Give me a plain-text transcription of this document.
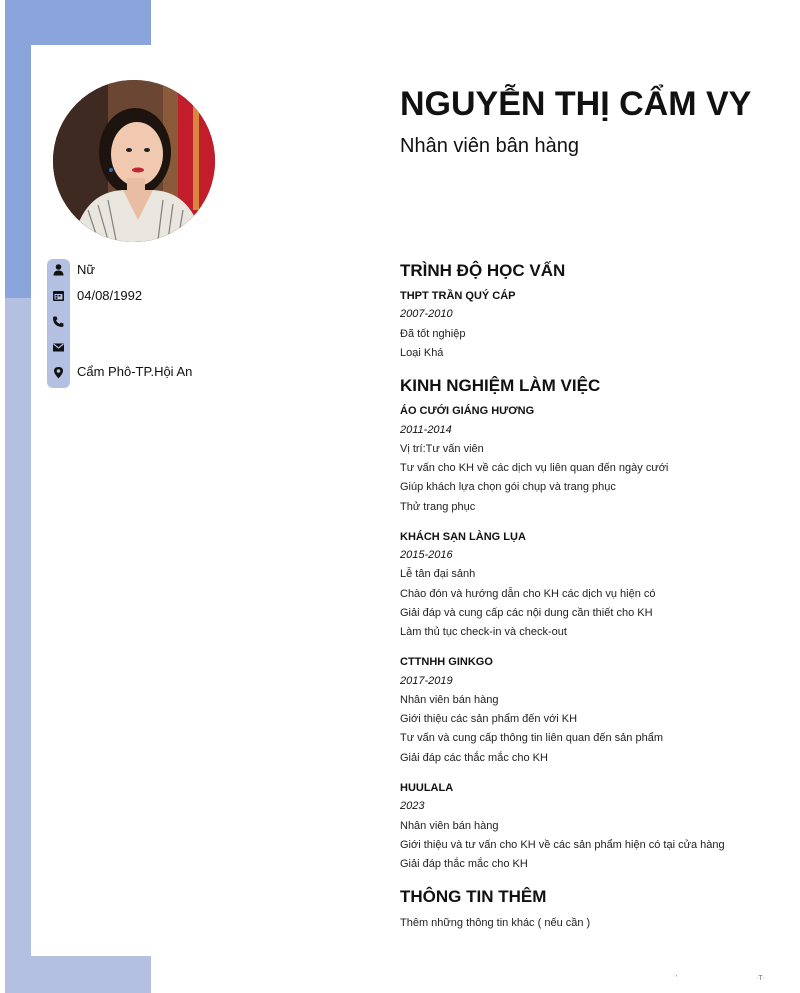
Nữ
04/08/1992
Cẩm Phô-TP.Hội An
NGUYỄN THỊ CẨM VY
Nhân viên bân hàng
TRÌNH ĐỘ HỌC VẤN
THPT TRẦN QUÝ CÁP
2007-2010
Đã tốt nghiệp
Loại Khá
KINH NGHIỆM LÀM VIỆC
ÁO CƯỚI GIÁNG HƯƠNG
2011-2014
Vị trí:Tư vấn viên
Tư vấn cho KH về các dịch vụ liên quan đến ngày cưới
Giúp khách lựa chọn gói chụp và trang phục
Thử trang phục
KHÁCH SẠN LÀNG LỤA
2015-2016
Lễ tân đại sảnh
Chào đón và hướng dẫn cho KH các dịch vụ hiện có
Giải đáp và cung cấp các nội dung cần thiết cho KH
Làm thủ tục check-in và check-out
CTTNHH GINKGO
2017-2019
Nhân viên bán hàng
Giới thiệu các sản phẩm đến với KH
Tư vấn và cung cấp thông tin liên quan đến sản phẩm
Giải đáp các thắc mắc cho KH
HUULALA
2023
Nhân viên bán hàng
Giới thiệu và tư vấn cho KH về các sản phẩm hiện có tại cửa hàng
Giải đáp thắc mắc cho KH
THÔNG TIN THÊM
Thêm những thông tin khác ( nếu cần )
'	·T·
